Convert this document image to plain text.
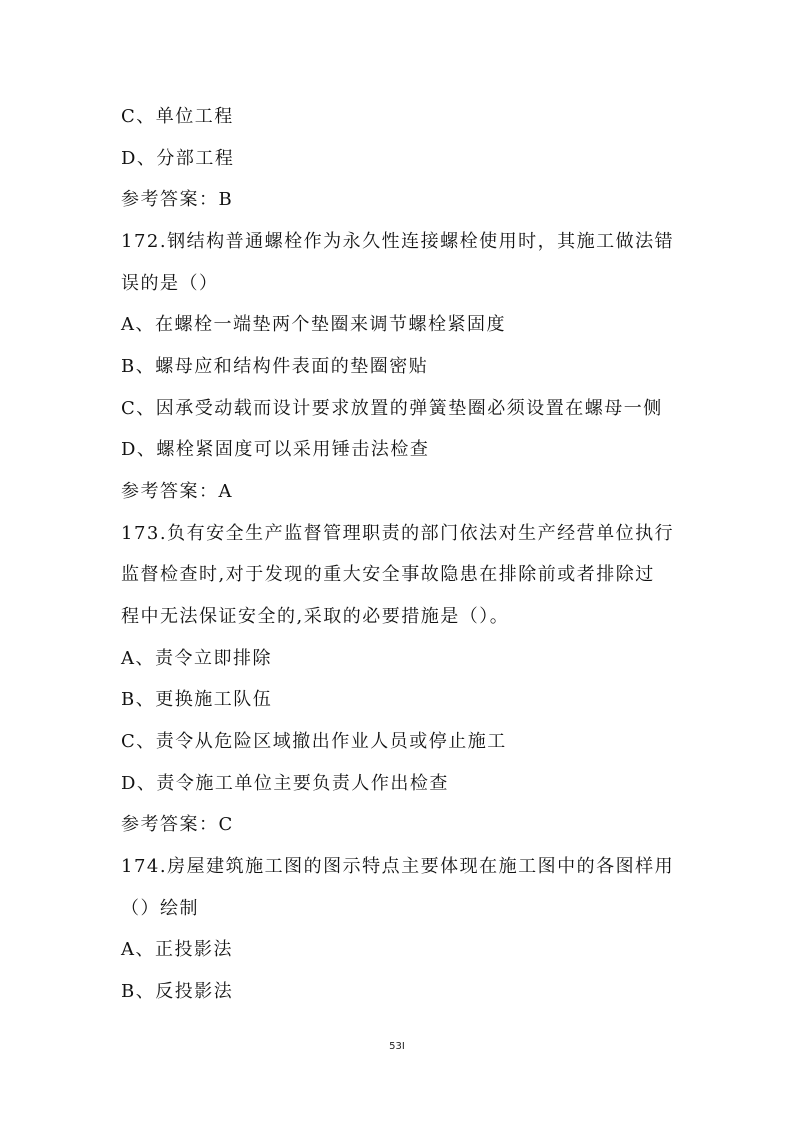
C、单位工程
D、分部工程
参考答案：B
172.钢结构普通螺栓作为永久性连接螺栓使用时，其施工做法错
误的是（）
A、在螺栓一端垫两个垫圈来调节螺栓紧固度
B、螺母应和结构件表面的垫圈密贴
C、因承受动载而设计要求放置的弹簧垫圈必须设置在螺母一侧
D、螺栓紧固度可以采用锤击法检查
参考答案：A
173.负有安全生产监督管理职责的部门依法对生产经营单位执行
监督检查时,对于发现的重大安全事故隐患在排除前或者排除过
程中无法保证安全的,采取的必要措施是（）。
A、责令立即排除
B、更换施工队伍
C、责令从危险区域撤出作业人员或停止施工
D、责令施工单位主要负责人作出检查
参考答案：C
174.房屋建筑施工图的图示特点主要体现在施工图中的各图样用
（）绘制
A、正投影法
B、反投影法
53I
